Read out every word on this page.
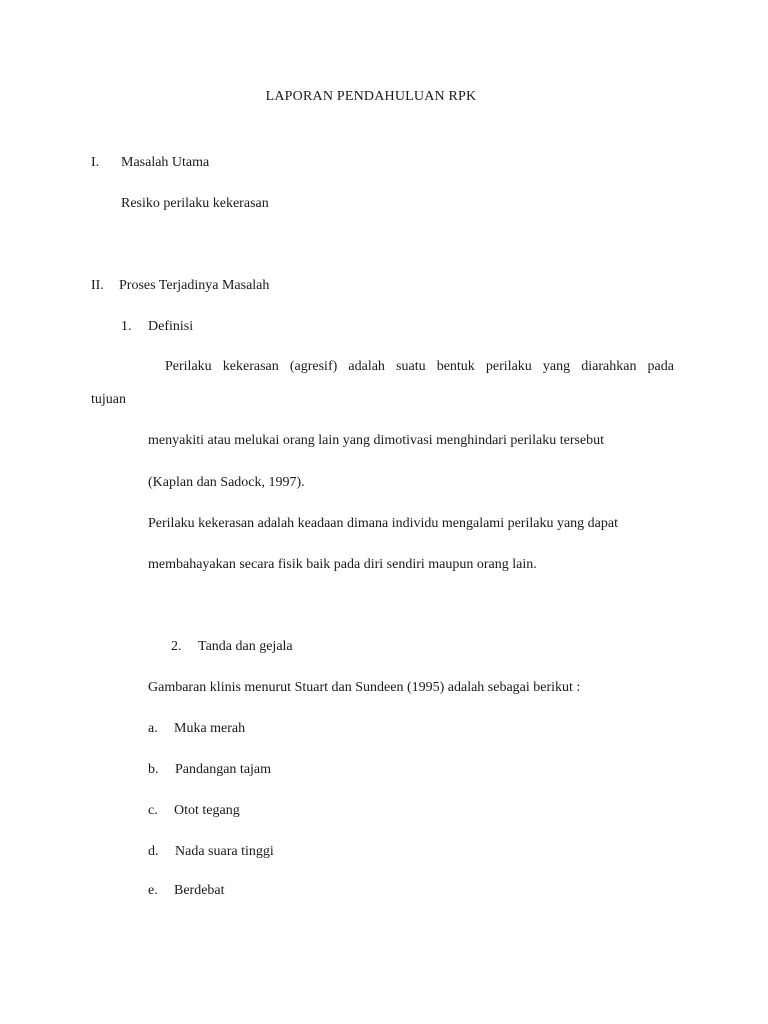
LAPORAN PENDAHULUAN RPK
I. Masalah Utama
Resiko perilaku kekerasan
II. Proses Terjadinya Masalah
1. Definisi
Perilaku kekerasan (agresif) adalah suatu bentuk perilaku yang diarahkan pada
tujuan
menyakiti atau melukai orang lain yang dimotivasi menghindari perilaku tersebut
(Kaplan dan Sadock, 1997).
Perilaku kekerasan adalah keadaan dimana individu mengalami perilaku yang dapat
membahayakan secara fisik baik pada diri sendiri maupun orang lain.
2. Tanda dan gejala
Gambaran klinis menurut Stuart dan Sundeen (1995) adalah sebagai berikut :
a. Muka merah
b. Pandangan tajam
c. Otot tegang
d. Nada suara tinggi
e. Berdebat
